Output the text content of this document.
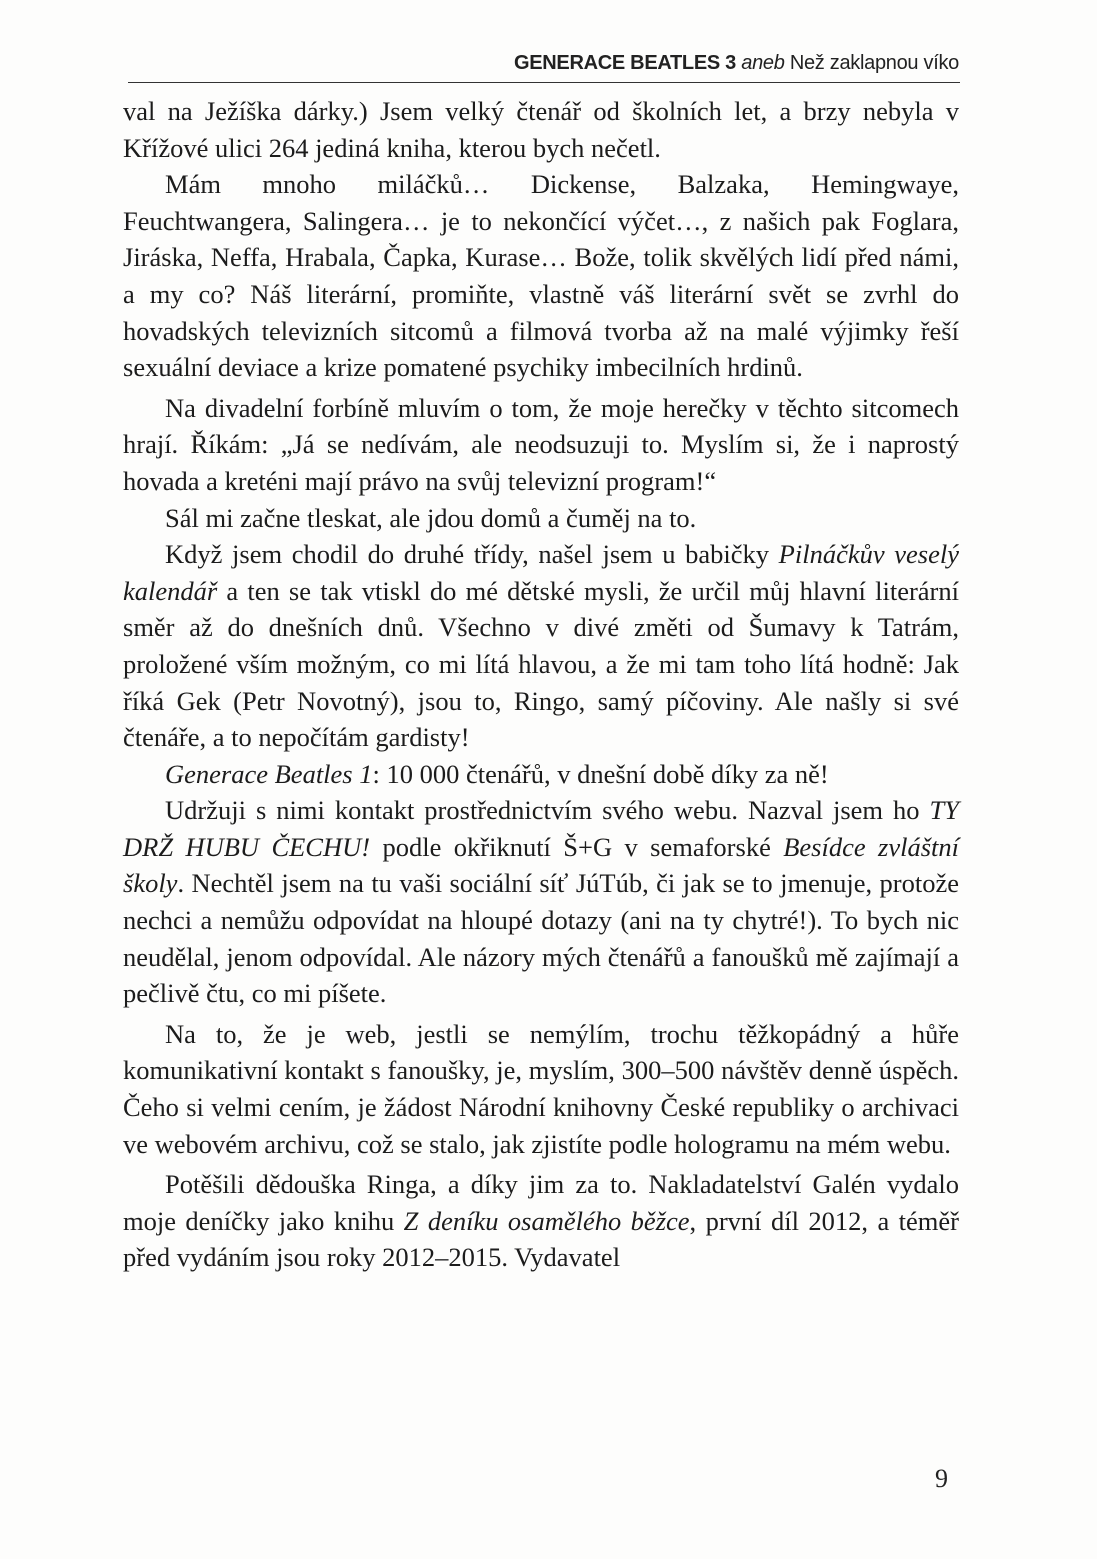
GENERACE BEATLES 3 aneb Než zaklapnou víko

val na Ježíška dárky.) Jsem velký čtenář od školních let, a brzy nebyla v Křížové ulici 264 jediná kniha, kterou bych nečetl.

Mám mnoho miláčků… Dickense, Balzaka, Hemingwaye, Feuchtwangera, Salingera… je to nekončící výčet…, z našich pak Foglara, Jiráska, Neffa, Hrabala, Čapka, Kurase… Bože, tolik skvělých lidí před námi, a my co? Náš literární, promiňte, vlastně váš literární svět se zvrhl do hovadských televizních sitcomů a filmová tvorba až na malé výjimky řeší sexuální deviace a krize pomatené psychiky imbecilních hrdinů.

Na divadelní forbíně mluvím o tom, že moje herečky v těchto sitcomech hrají. Říkám: „Já se nedívám, ale neodsuzuji to. Myslím si, že i naprostý hovada a kreténi mají právo na svůj televizní program!“

Sál mi začne tleskat, ale jdou domů a čuměj na to.

Když jsem chodil do druhé třídy, našel jsem u babičky Pilnáčkův veselý kalendář a ten se tak vtiskl do mé dětské mysli, že určil můj hlavní literární směr až do dnešních dnů. Všechno v divé změti od Šumavy k Tatrám, proložené vším možným, co mi lítá hlavou, a že mi tam toho lítá hodně: Jak říká Gek (Petr Novotný), jsou to, Ringo, samý píčoviny. Ale našly si své čtenáře, a to nepočítám gardisty!

Generace Beatles 1: 10 000 čtenářů, v dnešní době díky za ně!

Udržuji s nimi kontakt prostřednictvím svého webu. Nazval jsem ho TY DRŽ HUBU ČECHU! podle okřiknutí Š+G v semaforské Besídce zvláštní školy. Nechtěl jsem na tu vaši sociální síť JúTúb, či jak se to jmenuje, protože nechci a nemůžu odpovídat na hloupé dotazy (ani na ty chytré!). To bych nic neudělal, jenom odpovídal. Ale názory mých čtenářů a fanoušků mě zajímají a pečlivě čtu, co mi píšete.

Na to, že je web, jestli se nemýlím, trochu těžkopádný a hůře komunikativní kontakt s fanoušky, je, myslím, 300–500 návštěv denně úspěch. Čeho si velmi cením, je žádost Národní knihovny České republiky o archivaci ve webovém archivu, což se stalo, jak zjistíte podle hologramu na mém webu.

Potěšili dědouška Ringa, a díky jim za to. Nakladatelství Galén vydalo moje deníčky jako knihu Z deníku osamělého běžce, první díl 2012, a téměř před vydáním jsou roky 2012–2015. Vydavatel

9
